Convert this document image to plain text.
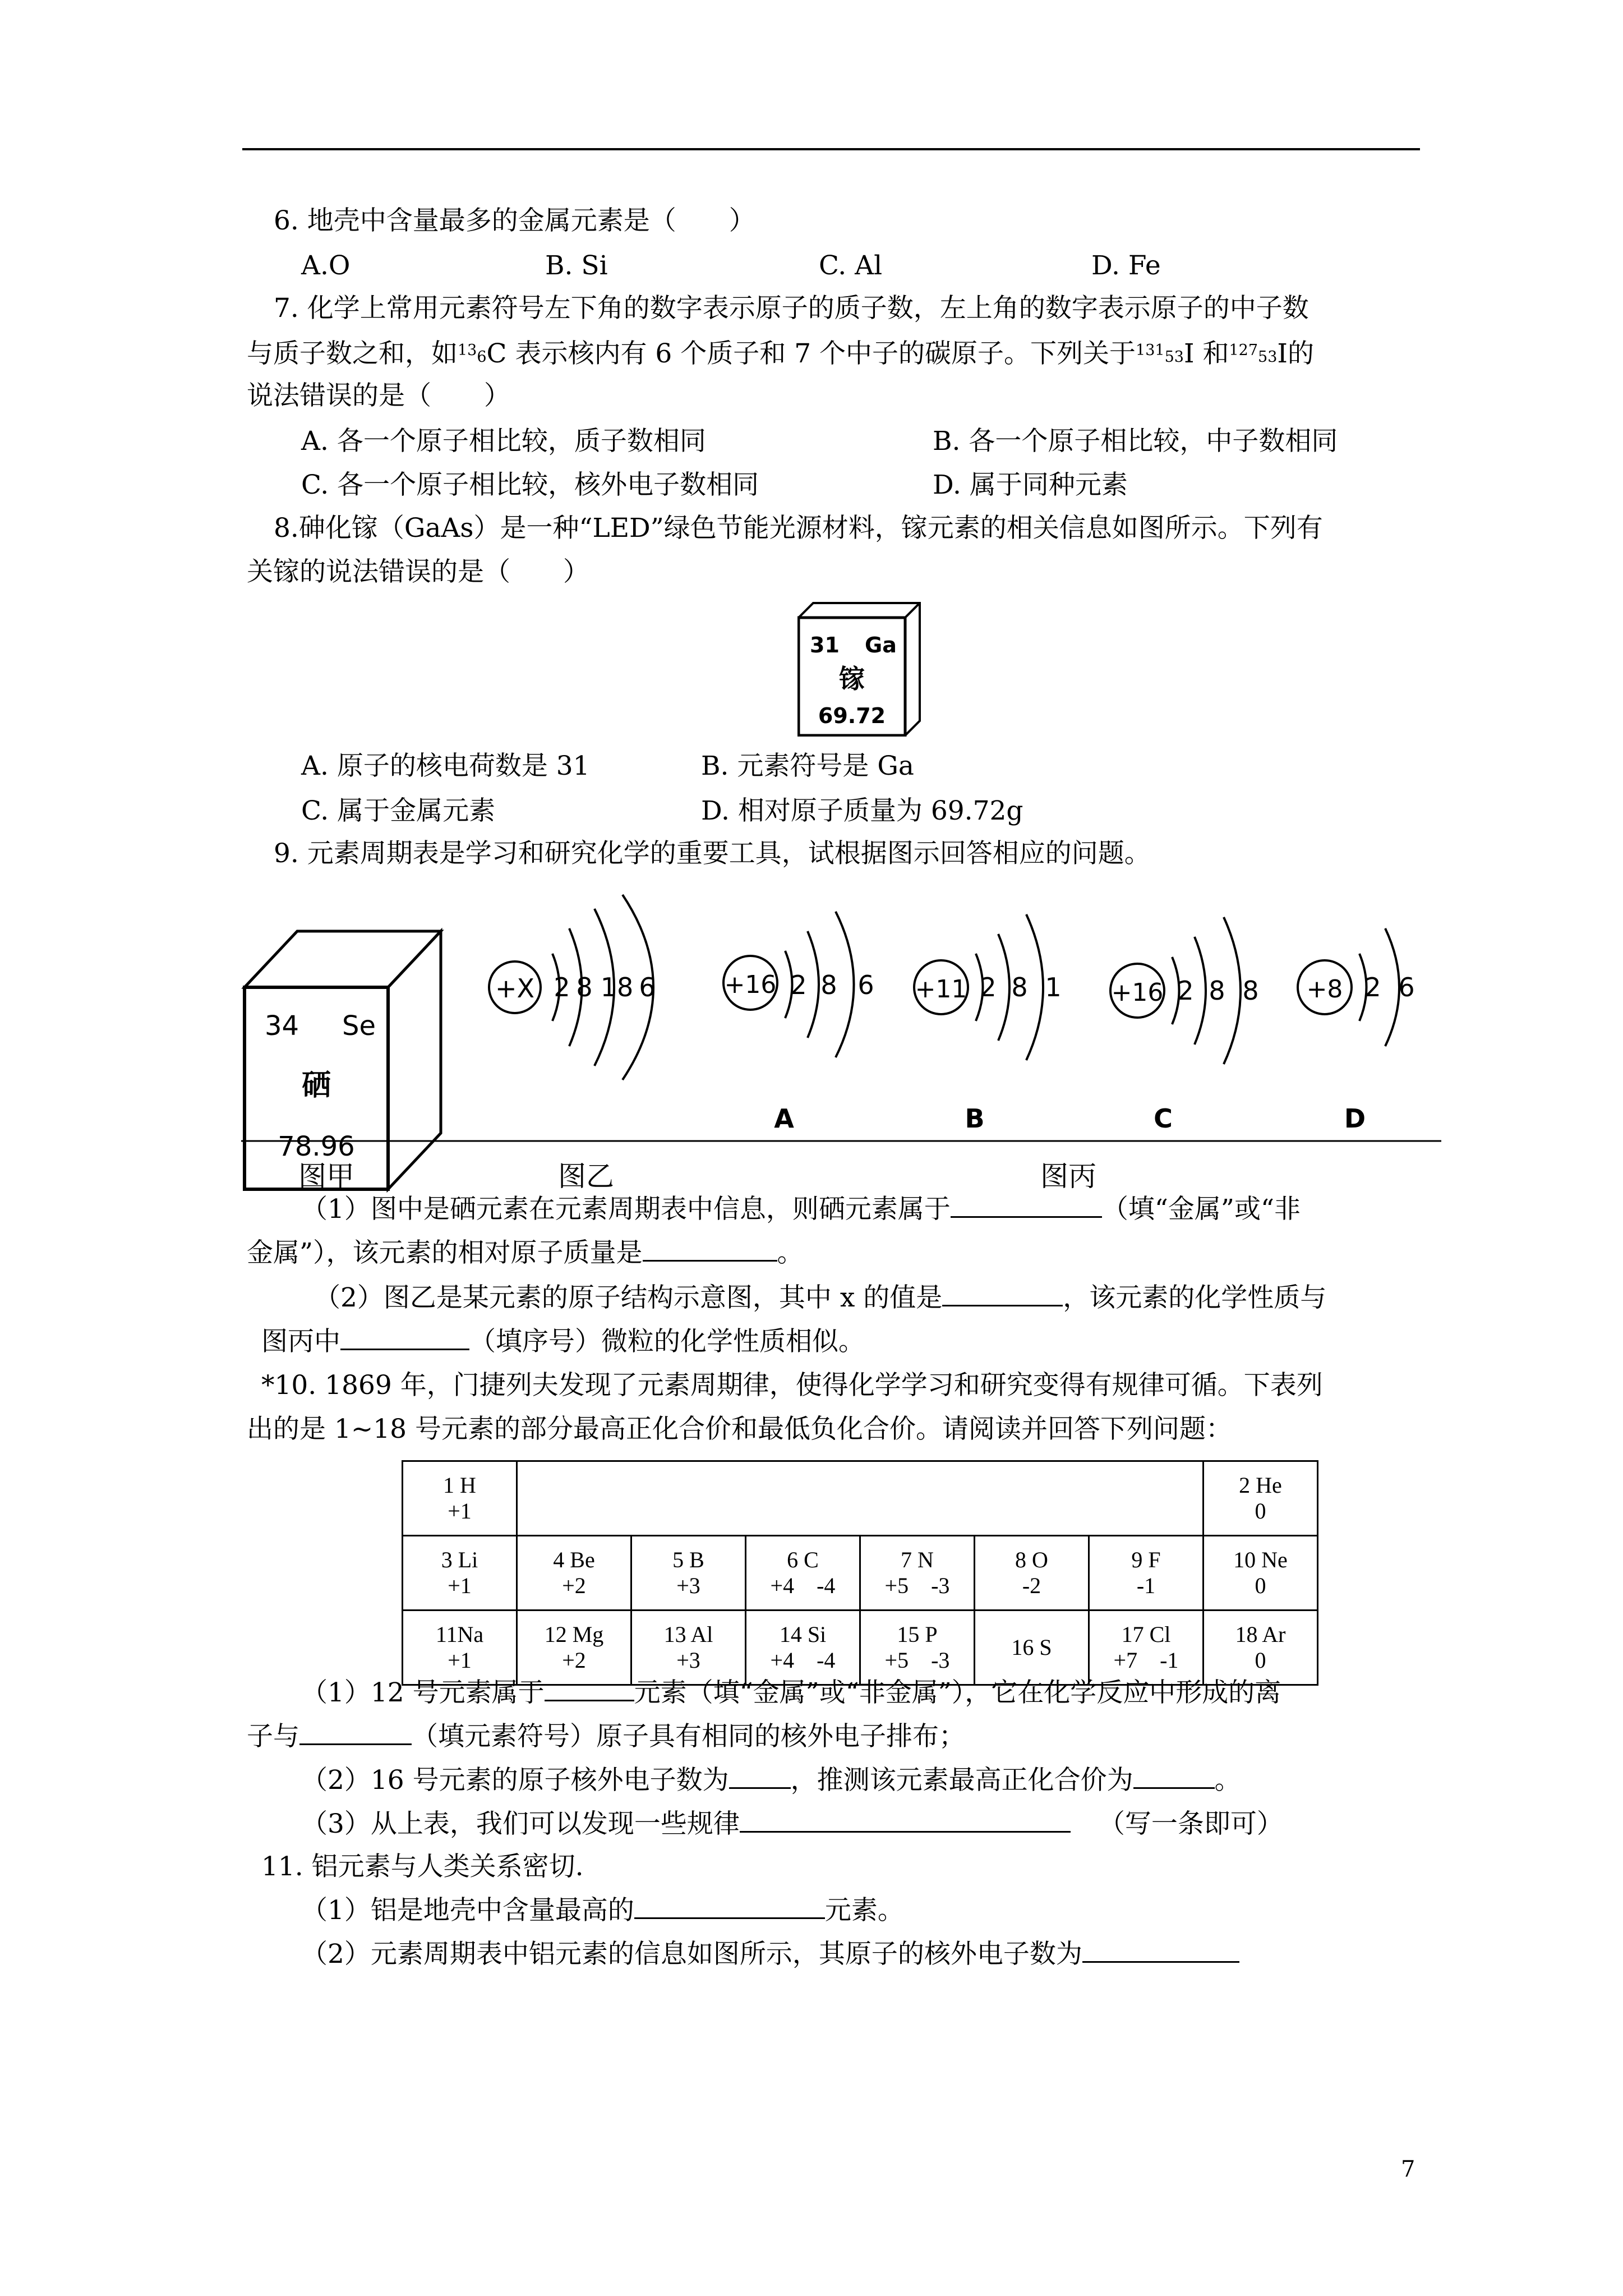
6. 地壳中含量最多的金属元素是（　　）
A.O	B. Si	C. Al	D. Fe
7. 化学上常用元素符号左下角的数字表示原子的质子数，左上角的数字表示原子的中子数
与质子数之和，如$^{13}$6C 表示核内有 6 个质子和 7 个中子的碳原子。下列关于$^{131}$53I 和$^{127}$53I的
说法错误的是（　　）
A. 各一个原子相比较，质子数相同	B. 各一个原子相比较，中子数相同
C. 各一个原子相比较，核外电子数相同	D. 属于同种元素
8.砷化镓（GaAs）是一种“LED”绿色节能光源材料，镓元素的相关信息如图所示。下列有
关镓的说法错误的是（　　）
31 Ga
镓
69.72
A. 原子的核电荷数是 31	B. 元素符号是 Ga
C. 属于金属元素	D. 相对原子质量为 69.72g
9. 元素周期表是学习和研究化学的重要工具，试根据图示回答相应的问题。
34 Se
硒
78.96
+X 2 8 18 6	+16 2 8 6
A
+11 2 8 1
B
+16 2 8 8
C
+8 2 6
D
图甲	图乙	图丙
（1）图中是硒元素在元素周期表中信息，则硒元素属于	（填“金属”或“非
金属”），该元素的相对原子质量是	。
（2）图乙是某元素的原子结构示意图，其中 x 的值是	，该元素的化学性质与
图丙中	（填序号）微粒的化学性质相似。
*10. 1869 年，门捷列夫发现了元素周期律，使得化学学习和研究变得有规律可循。下表列
出的是 1~18 号元素的部分最高正化合价和最低负化合价。请阅读并回答下列问题：
1 H
+1							2 He
0

3 Li
+1	4 Be
+2	5 B
+3	6 C
+4　-4	7 N
+5　-3	8 O
-2	9 F
-1	10 Ne
0

11Na
+1	12 Mg
+2	13 Al
+3	14 Si
+4　-4	15 P
+5　-3	16 S	17 Cl
+7　-1	18 Ar
0
（1）12 号元素属于	元素（填“金属”或“非金属”），它在化学反应中形成的离
子与	（填元素符号）原子具有相同的核外电子排布；
（2）16 号元素的原子核外电子数为 ，推测该元素最高正化合价为	。
（3）从上表，我们可以发现一些规律	（写一条即可）
11. 铝元素与人类关系密切.
（1）铝是地壳中含量最高的	元素。
（2）元素周期表中铝元素的信息如图所示，其原子的核外电子数为
7
